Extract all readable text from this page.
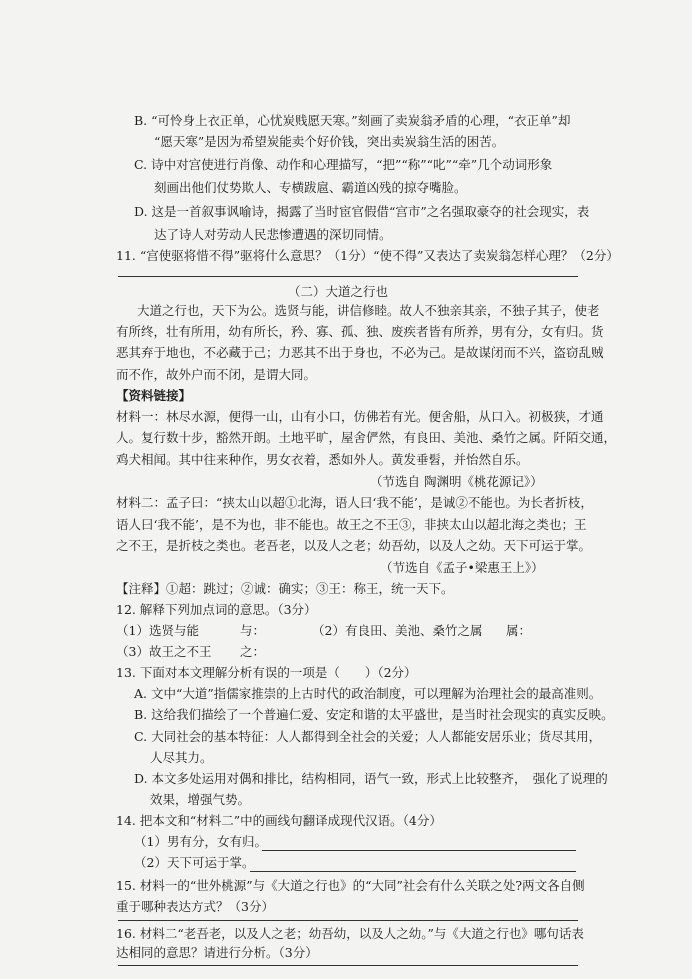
B. “可怜身上衣正单，心忧炭贱愿天寒。”刻画了卖炭翁矛盾的心理，“衣正单”却
“愿天寒”是因为希望炭能卖个好价钱，突出卖炭翁生活的困苦。
C. 诗中对宫使进行肖像、动作和心理描写，“把”“称”“叱”“牵”几个动词形象
刻画出他们仗势欺人、专横跋扈、霸道凶残的掠夺嘴脸。
D. 这是一首叙事讽喻诗，揭露了当时宦官假借“宫市”之名强取豪夺的社会现实，表
达了诗人对劳动人民悲惨遭遇的深切同情。
11. “宫使驱将惜不得”驱将什么意思？（1分）“使不得”又表达了卖炭翁怎样心理？（2分）
（二）大道之行也
大道之行也，天下为公。选贤与能，讲信修睦。故人不独亲其亲，不独子其子，使老
有所终，壮有所用，幼有所长，矜、寡、孤、独、废疾者皆有所养，男有分，女有归。货
恶其弃于地也，不必藏于己；力恶其不出于身也，不必为己。是故谋闭而不兴，盗窃乱贼
而不作，故外户而不闭，是谓大同。
【资料链接】
材料一：林尽水源，便得一山，山有小口，仿佛若有光。便舍船，从口入。初极狭，才通
人。复行数十步，豁然开朗。土地平旷，屋舍俨然，有良田、美池、桑竹之属。阡陌交通，
鸡犬相闻。其中往来种作，男女衣着，悉如外人。黄发垂髫，并怡然自乐。
（节选自 陶渊明《桃花源记》）
材料二：孟子曰：“挟太山以超①北海，语人曰‘我不能’，是诚②不能也。为长者折枝，
语人曰‘我不能’，是不为也，非不能也。故王之不王③，非挟太山以超北海之类也；王
之不王，是折枝之类也。老吾老，以及人之老；幼吾幼，以及人之幼。天下可运于掌。
（节选自《孟子•梁惠王上》）
【注释】①超：跳过；②诚：确实；③王：称王，统一天下。
12. 解释下列加点词的意思。（3分）
（1）选贤与能	与：	（2）有良田、美池、桑竹之属 属：
（3）故王之不王 之：
13. 下面对本文理解分析有误的一项是（　　）（2分）
A. 文中“大道”指儒家推崇的上古时代的政治制度，可以理解为治理社会的最高准则。
B. 这给我们描绘了一个普遍仁爱、安定和谐的太平盛世，是当时社会现实的真实反映。
C. 大同社会的基本特征：人人都得到全社会的关爱；人人都能安居乐业；货尽其用，
人尽其力。
D. 本文多处运用对偶和排比，结构相同，语气一致，形式上比较整齐，　强化了说理的
效果，增强气势。
14. 把本文和“材料二”中的画线句翻译成现代汉语。（4分）
（1）男有分，女有归。
（2）天下可运于掌。
15. 材料一的“世外桃源”与《大道之行也》的“大同”社会有什么关联之处?两文各自侧
重于哪种表达方式？（3分）
16. 材料二“老吾老，以及人之老；幼吾幼，以及人之幼。”与《大道之行也》哪句话表
达相同的意思？请进行分析。（3分）
